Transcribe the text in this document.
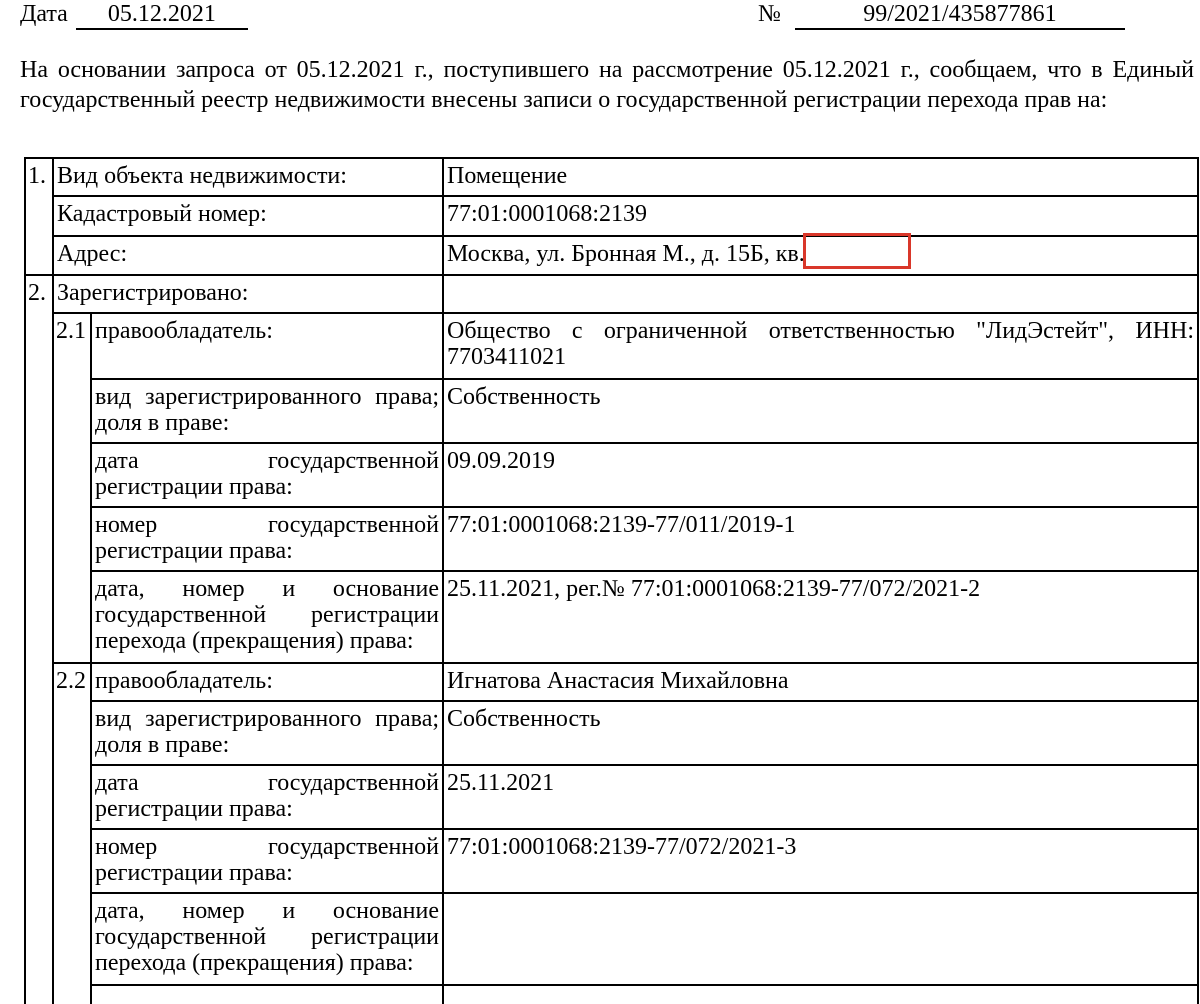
Дата 05.12.2021	№	99/2021/435877861

На основании запроса от 05.12.2021 г., поступившего на рассмотрение 05.12.2021 г., сообщаем, что в Единый государственный реестр недвижимости внесены записи о государственной регистрации перехода прав на:

1.	Вид объекта недвижимости:		Помещение
	Кадастровый номер:		77:01:0001068:2139
	Адрес:		Москва, ул. Бронная М., д. 15Б, кв.
2.	Зарегистрировано:		
	2.1	правообладатель:	Общество с ограниченной ответственностью "ЛидЭстейт", ИНН: 7703411021
		вид зарегистрированного права; доля в праве:	Собственность
		дата государственной регистрации права:	09.09.2019
		номер государственной регистрации права:	77:01:0001068:2139-77/011/2019-1
		дата, номер и основание государственной регистрации перехода (прекращения) права:	25.11.2021, рег.№ 77:01:0001068:2139-77/072/2021-2
	2.2	правообладатель:	Игнатова Анастасия Михайловна
		вид зарегистрированного права; доля в праве:	Собственность
		дата государственной регистрации права:	25.11.2021
		номер государственной регистрации права:	77:01:0001068:2139-77/072/2021-3
		дата, номер и основание государственной регистрации перехода (прекращения) права:	
